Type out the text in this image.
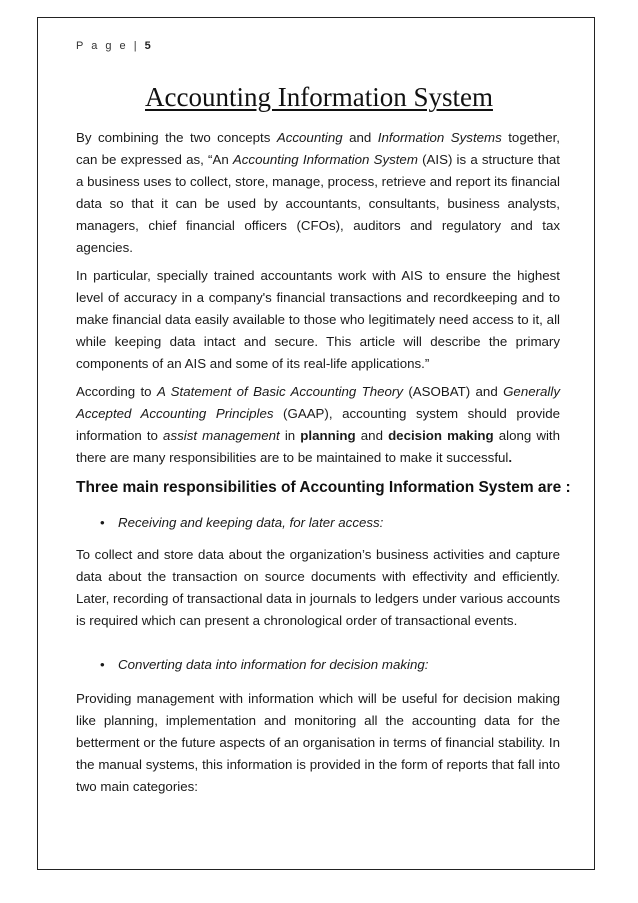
P a g e | 5
Accounting Information System

By combining the two concepts Accounting and Information Systems together, can be expressed as, “An Accounting Information System (AIS) is a structure that a business uses to collect, store, manage, process, retrieve and report its financial data so that it can be used by accountants, consultants, business analysts, managers, chief financial officers (CFOs), auditors and regulatory and tax agencies.

In particular, specially trained accountants work with AIS to ensure the highest level of accuracy in a company's financial transactions and recordkeeping and to make financial data easily available to those who legitimately need access to it, all while keeping data intact and secure. This article will describe the primary components of an AIS and some of its real-life applications.”

According to A Statement of Basic Accounting Theory (ASOBAT) and Generally Accepted Accounting Principles (GAAP), accounting system should provide information to assist management in planning and decision making along with there are many responsibilities are to be maintained to make it successful.

Three main responsibilities of Accounting Information System are :
• Receiving and keeping data, for later access:

To collect and store data about the organization’s business activities and capture data about the transaction on source documents with effectivity and efficiently. Later, recording of transactional data in journals to ledgers under various accounts is required which can present a chronological order of transactional events.

• Converting data into information for decision making:

Providing management with information which will be useful for decision making like planning, implementation and monitoring all the accounting data for the betterment or the future aspects of an organisation in terms of financial stability. In the manual systems, this information is provided in the form of reports that fall into two main categories:
